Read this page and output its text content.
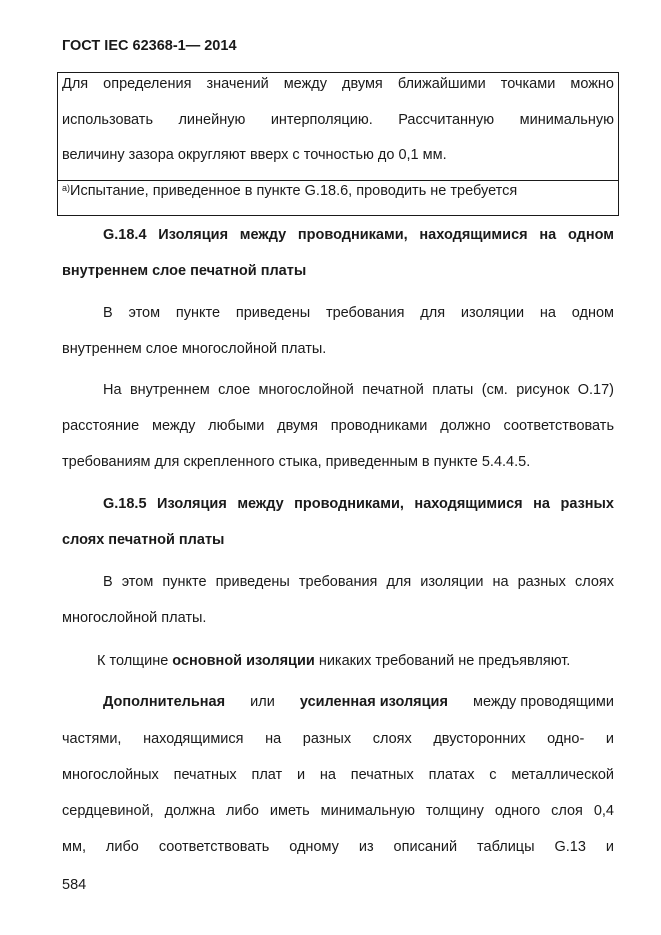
ГОСТ IEC 62368-1— 2014
Для определения значений между двумя ближайшими точками можно
использовать линейную интерполяцию. Рассчитанную минимальную
величину зазора округляют вверх с точностью до 0,1 мм.
$^{а)}$Испытание, приведенное в пункте G.18.6, проводить не требуется
G.18.4 Изоляция между проводниками, находящимися на одном
внутреннем слое печатной платы
В этом пункте приведены требования для изоляции на одном
внутреннем слое многослойной платы.
На внутреннем слое многослойной печатной платы (см. рисунок О.17)
расстояние между любыми двумя проводниками должно соответствовать
требованиям для скрепленного стыка, приведенным в пункте 5.4.4.5.
G.18.5 Изоляция между проводниками, находящимися на разных
слоях печатной платы
В этом пункте приведены требования для изоляции на разных слоях
многослойной платы.
К толщине основной изоляции никаких требований не предъявляют.
Дополнительная или усиленная изоляция между проводящими
частями, находящимися на разных слоях двусторонних одно- и
многослойных печатных плат и на печатных платах с металлической
сердцевиной, должна либо иметь минимальную толщину одного слоя 0,4
мм, либо соответствовать одному из описаний таблицы G.13 и
584
